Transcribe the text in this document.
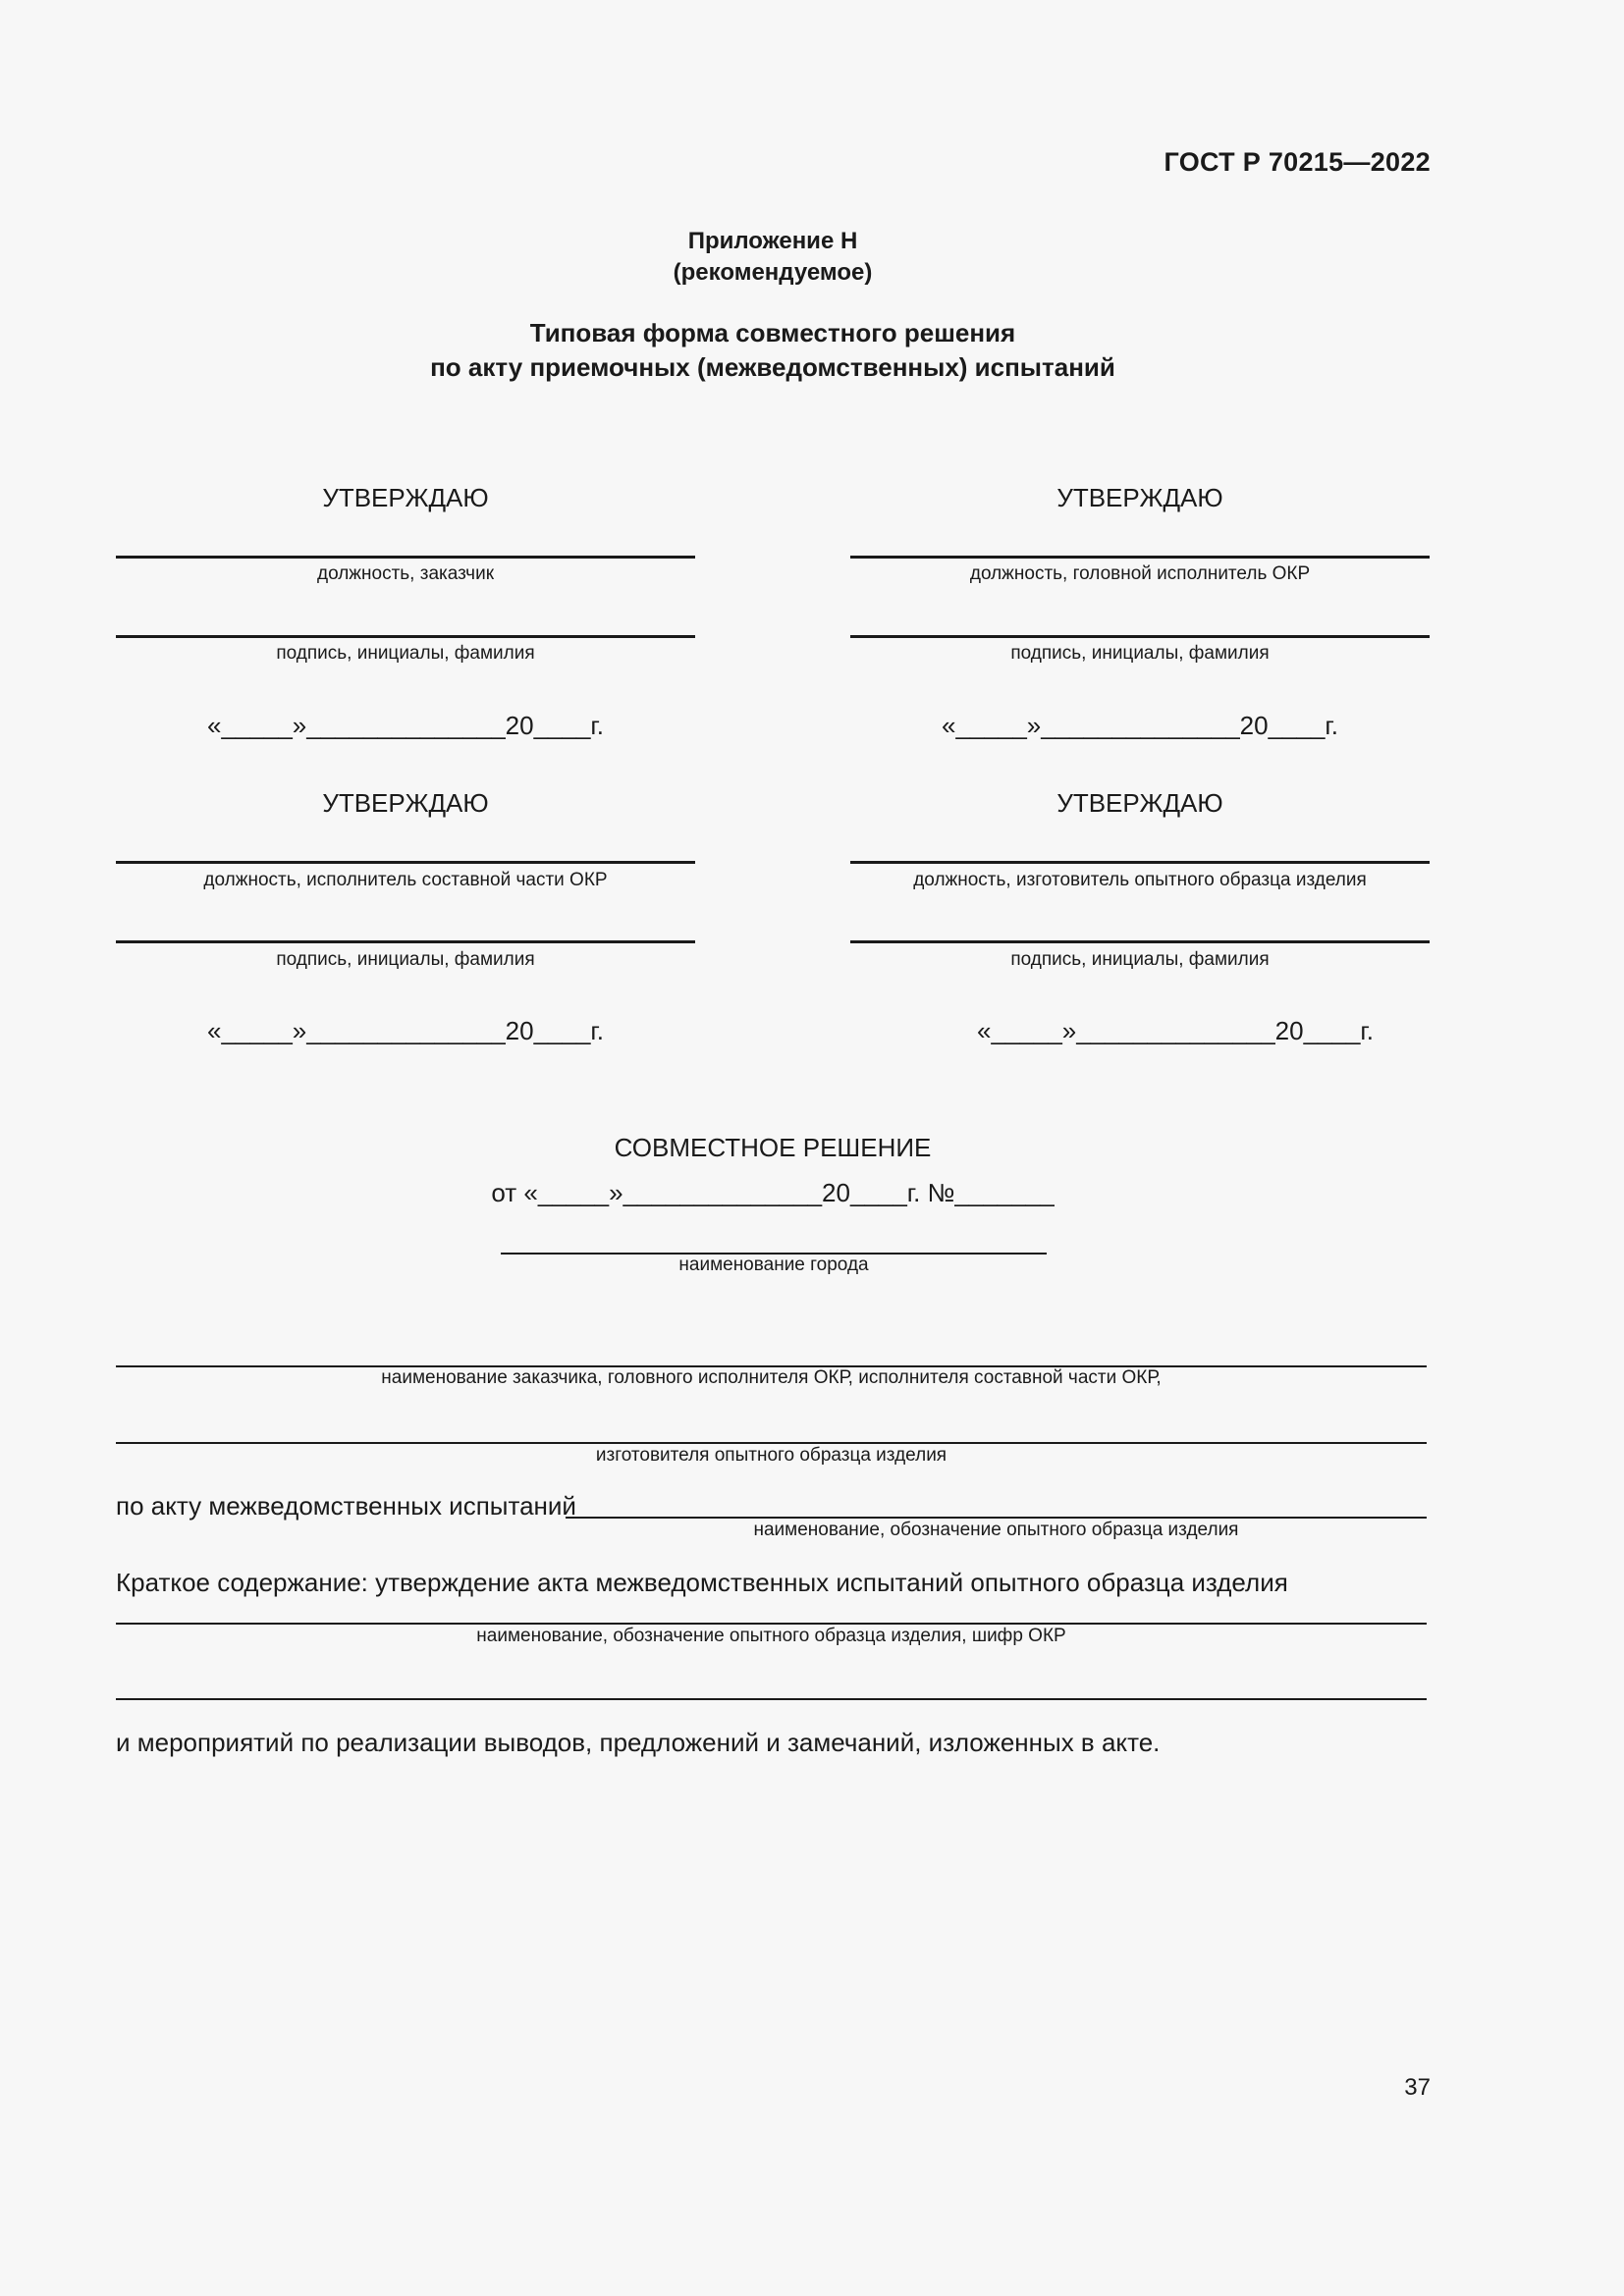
ГОСТ Р 70215—2022
Приложение Н
(рекомендуемое)
Типовая форма совместного решения
по акту приемочных (межведомственных) испытаний
УТВЕРЖДАЮ
должность, заказчик
подпись, инициалы, фамилия
«_____»______________20____г.
УТВЕРЖДАЮ
должность, головной исполнитель ОКР
подпись, инициалы, фамилия
«_____»______________20____г.
УТВЕРЖДАЮ
должность, исполнитель составной части ОКР
подпись, инициалы, фамилия
«_____»______________20____г.
УТВЕРЖДАЮ
должность, изготовитель опытного образца изделия
подпись, инициалы, фамилия
«_____»______________20____г.
СОВМЕСТНОЕ РЕШЕНИЕ
от «_____»______________20____г. №_______
наименование города
наименование заказчика, головного исполнителя ОКР, исполнителя составной части ОКР,
изготовителя опытного образца изделия
по акту межведомственных испытаний
наименование, обозначение опытного образца изделия
Краткое содержание: утверждение акта межведомственных испытаний опытного образца изделия
наименование, обозначение опытного образца изделия, шифр ОКР
и мероприятий по реализации выводов, предложений и замечаний, изложенных в акте.
37
